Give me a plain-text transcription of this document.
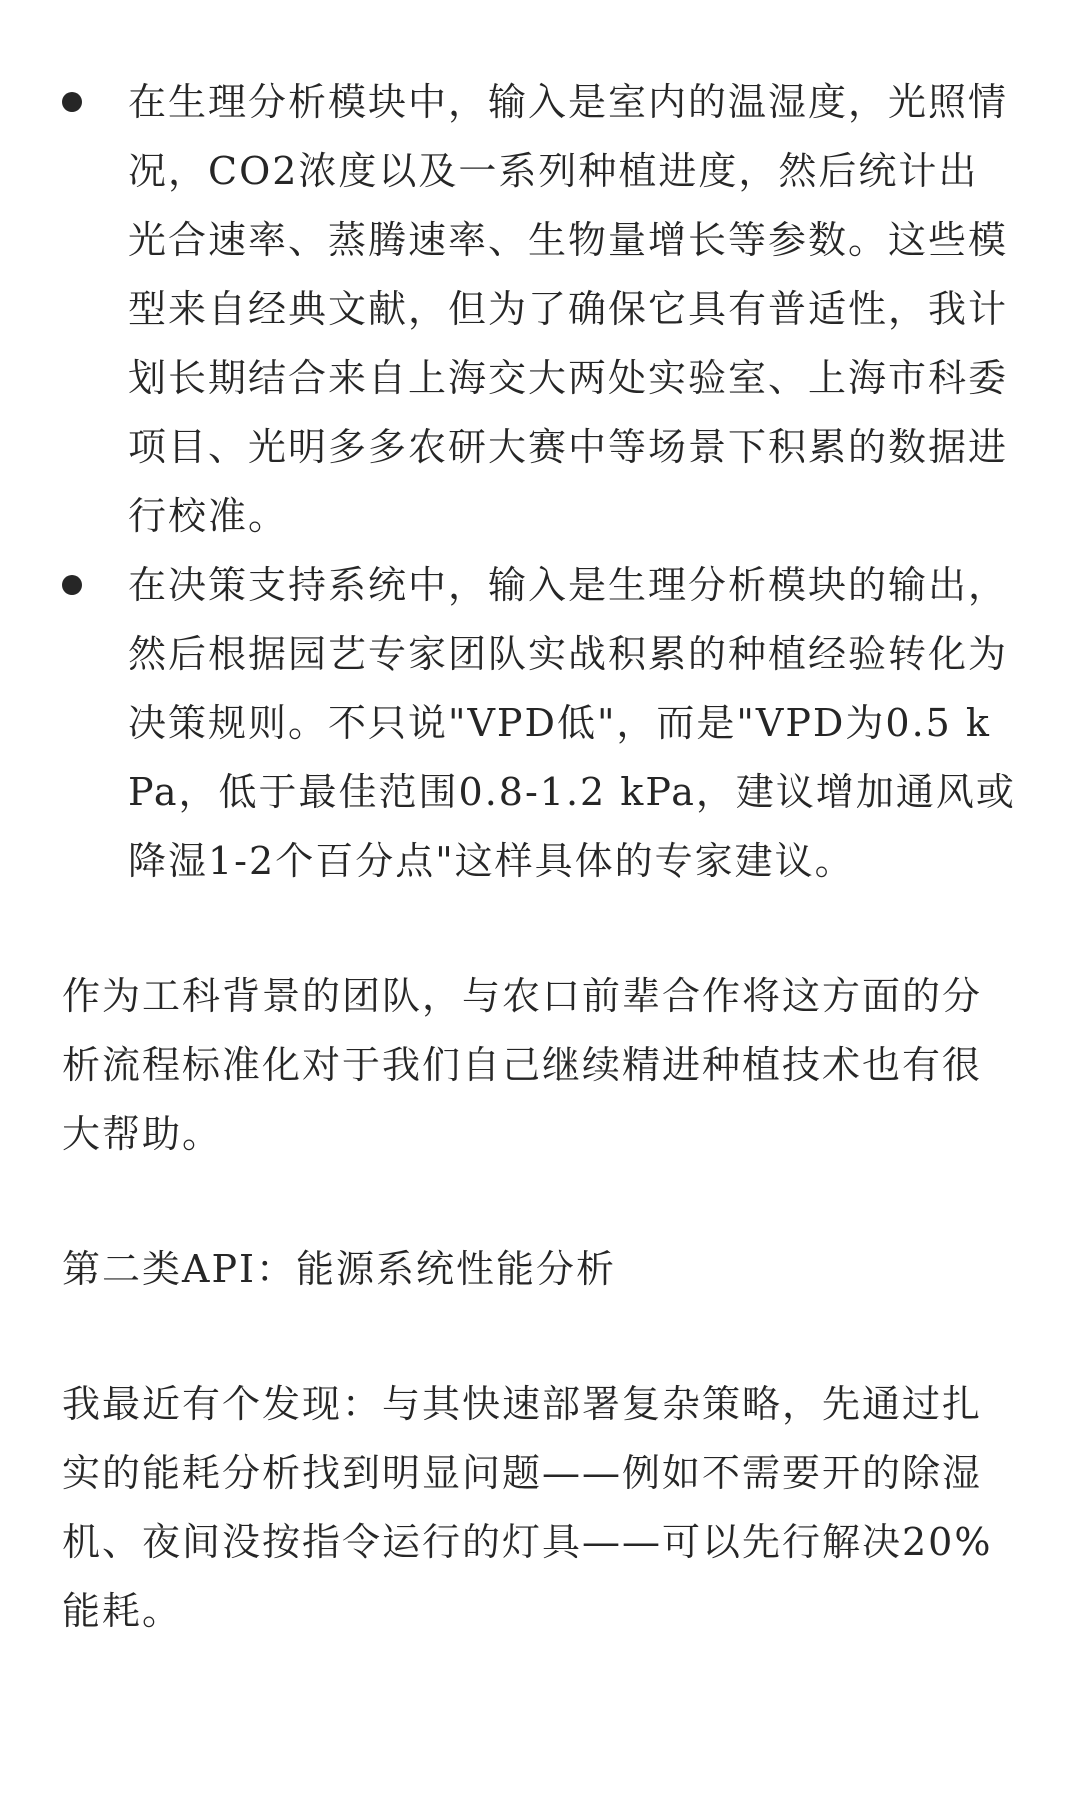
在生理分析模块中，输入是室内的温湿度，光照情况，CO2浓度以及一系列种植进度，然后统计出光合速率、蒸腾速率、生物量增长等参数。这些模型来自经典文献，但为了确保它具有普适性，我计划长期结合来自上海交大两处实验室、上海市科委项目、光明多多农研大赛中等场景下积累的数据进行校准。
在决策支持系统中，输入是生理分析模块的输出，然后根据园艺专家团队实战积累的种植经验转化为决策规则。不只说"VPD低"，而是"VPD为0.5 kPa，低于最佳范围0.8-1.2 kPa，建议增加通风或降湿1-2个百分点"这样具体的专家建议。

作为工科背景的团队，与农口前辈合作将这方面的分析流程标准化对于我们自己继续精进种植技术也有很大帮助。

第二类API：能源系统性能分析

我最近有个发现：与其快速部署复杂策略，先通过扎实的能耗分析找到明显问题——例如不需要开的除湿机、夜间没按指令运行的灯具——可以先行解决20%能耗。
